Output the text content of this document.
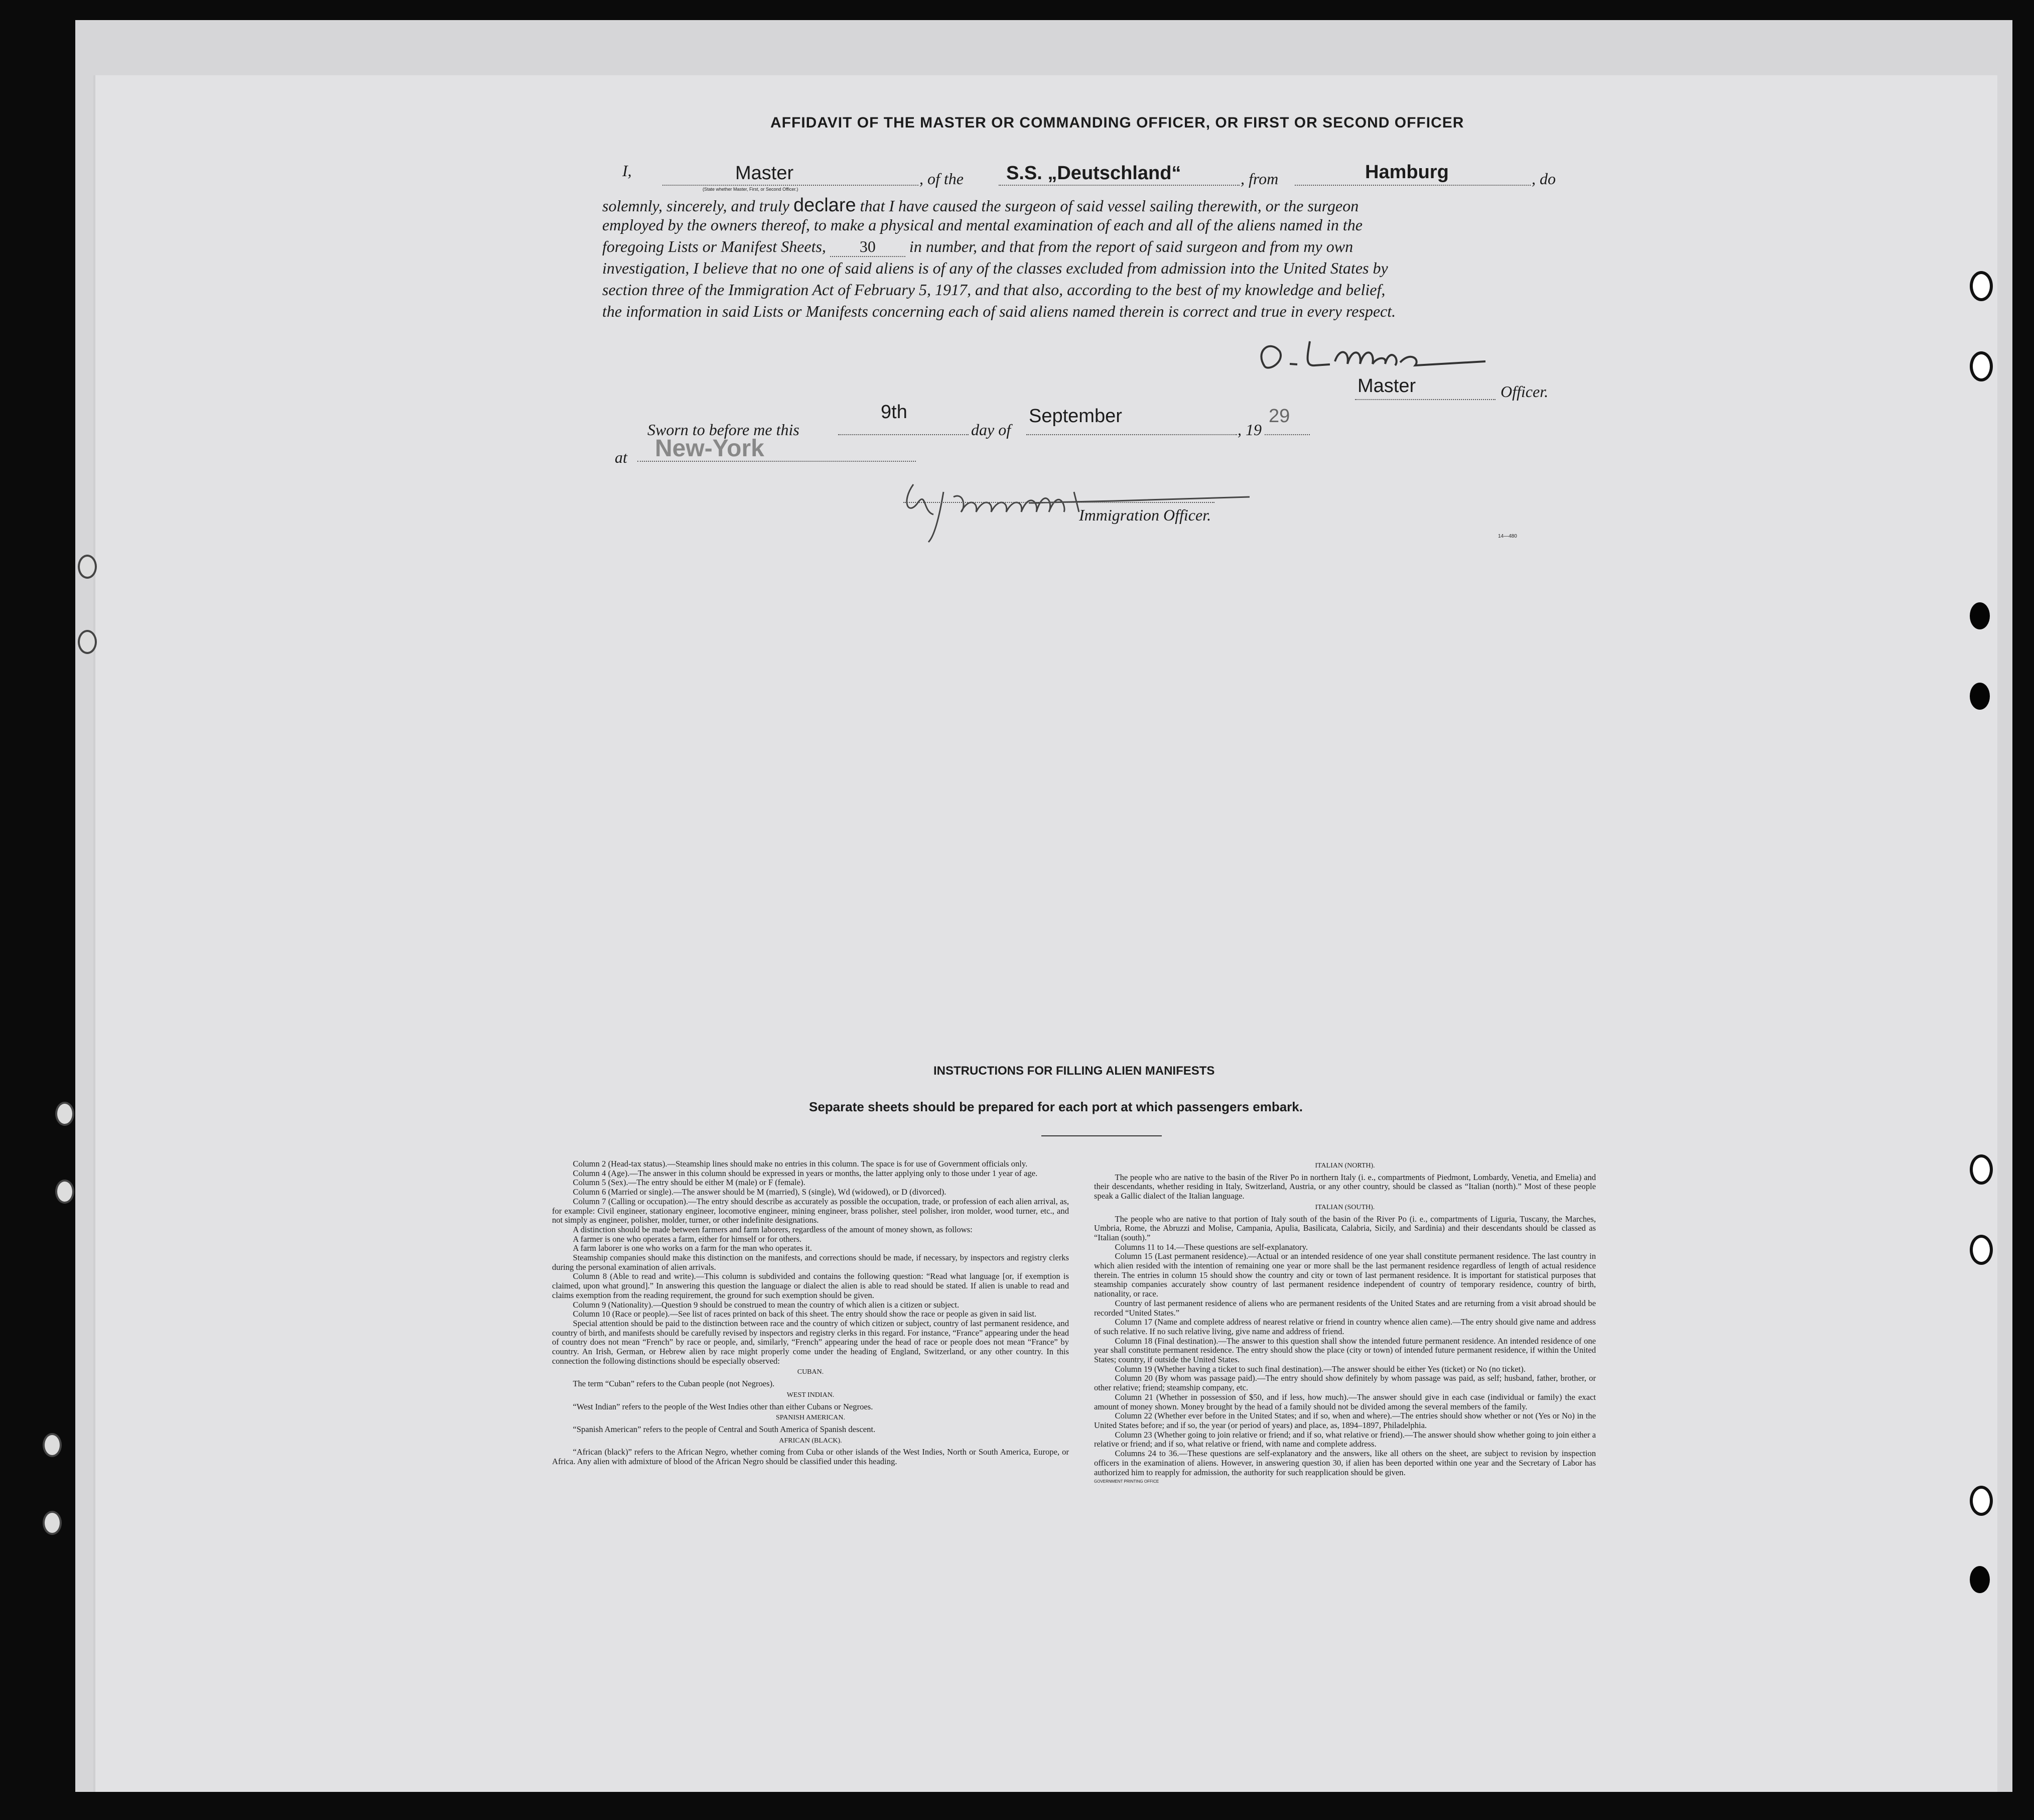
AFFIDAVIT OF THE MASTER OR COMMANDING OFFICER, OR FIRST OR SECOND OFFICER
I,	Master	, of the S.S. „Deutschland“	, from	Hamburg	, do
(State whether Master, First, or Second Officer.)
solemnly, sincerely, and truly declare that I have caused the surgeon of said vessel sailing therewith, or the surgeon
employed by the owners thereof, to make a physical and mental examination of each and all of the aliens named in the
foregoing Lists or Manifest Sheets, 30 in number, and that from the report of said surgeon and from my own
investigation, I believe that no one of said aliens is of any of the classes excluded from admission into the United States by
section three of the Immigration Act of February 5, 1917, and that also, according to the best of my knowledge and belief,
the information in said Lists or Manifests concerning each of said aliens named therein is correct and true in every respect.
Master	Officer.
Sworn to before me this
9th
day of
September
, 19
29
at New-York
Immigration Officer.
14—480
INSTRUCTIONS FOR FILLING ALIEN MANIFESTS
Separate sheets should be prepared for each port at which passengers embark.

Column 2 (Head-tax status).—Steamship lines should make no entries in this column. The space is for use of Government officials only.

Column 4 (Age).—The answer in this column should be expressed in years or months, the latter applying only to those under 1 year of age.

Column 5 (Sex).—The entry should be either M (male) or F (female).

Column 6 (Married or single).—The answer should be M (married), S (single), Wd (widowed), or D (divorced).

Column 7 (Calling or occupation).—The entry should describe as accurately as possible the occupation, trade, or profession of each alien arrival, as, for example: Civil engineer, stationary engineer, locomotive engineer, mining engineer, brass polisher, steel polisher, iron molder, wood turner, etc., and not simply as engineer, polisher, molder, turner, or other indefinite designations.

A distinction should be made between farmers and farm laborers, regardless of the amount of money shown, as follows:

A farmer is one who operates a farm, either for himself or for others.

A farm laborer is one who works on a farm for the man who operates it.

Steamship companies should make this distinction on the manifests, and corrections should be made, if necessary, by inspectors and registry clerks during the personal examination of alien arrivals.

Column 8 (Able to read and write).—This column is subdivided and contains the following question: “Read what language [or, if exemption is claimed, upon what ground].” In answering this question the language or dialect the alien is able to read should be stated. If alien is unable to read and claims exemption from the reading requirement, the ground for such exemption should be given.

Column 9 (Nationality).—Question 9 should be construed to mean the country of which alien is a citizen or subject.

Column 10 (Race or people).—See list of races printed on back of this sheet. The entry should show the race or people as given in said list.

Special attention should be paid to the distinction between race and the country of which citizen or subject, country of last permanent residence, and country of birth, and manifests should be carefully revised by inspectors and registry clerks in this regard. For instance, “France” appearing under the head of country does not mean “French” by race or people, and, similarly, “French” appearing under the head of race or people does not mean “France” by country. An Irish, German, or Hebrew alien by race might properly come under the heading of England, Switzerland, or any other country. In this connection the following distinctions should be especially observed:

CUBAN.

The term “Cuban” refers to the Cuban people (not Negroes).

WEST INDIAN.

“West Indian” refers to the people of the West Indies other than either Cubans or Negroes.

SPANISH AMERICAN.

“Spanish American” refers to the people of Central and South America of Spanish descent.

AFRICAN (BLACK).

“African (black)” refers to the African Negro, whether coming from Cuba or other islands of the West Indies, North or South America, Europe, or Africa. Any alien with admixture of blood of the African Negro should be classified under this heading.

ITALIAN (NORTH).

The people who are native to the basin of the River Po in northern Italy (i. e., compartments of Piedmont, Lombardy, Venetia, and Emelia) and their descendants, whether residing in Italy, Switzerland, Austria, or any other country, should be classed as “Italian (north).” Most of these people speak a Gallic dialect of the Italian language.

ITALIAN (SOUTH).

The people who are native to that portion of Italy south of the basin of the River Po (i. e., compartments of Liguria, Tuscany, the Marches, Umbria, Rome, the Abruzzi and Molise, Campania, Apulia, Basilicata, Calabria, Sicily, and Sardinia) and their descendants should be classed as “Italian (south).”

Columns 11 to 14.—These questions are self-explanatory.

Column 15 (Last permanent residence).—Actual or an intended residence of one year shall constitute permanent residence. The last country in which alien resided with the intention of remaining one year or more shall be the last permanent residence regardless of length of actual residence therein. The entries in column 15 should show the country and city or town of last permanent residence. It is important for statistical purposes that steamship companies accurately show country of last permanent residence independent of country of temporary residence, country of birth, nationality, or race.

Country of last permanent residence of aliens who are permanent residents of the United States and are returning from a visit abroad should be recorded “United States.”

Column 17 (Name and complete address of nearest relative or friend in country whence alien came).—The entry should give name and address of such relative. If no such relative living, give name and address of friend.

Column 18 (Final destination).—The answer to this question shall show the intended future permanent residence. An intended residence of one year shall constitute permanent residence. The entry should show the place (city or town) of intended future permanent residence, if within the United States; country, if outside the United States.

Column 19 (Whether having a ticket to such final destination).—The answer should be either Yes (ticket) or No (no ticket).

Column 20 (By whom was passage paid).—The entry should show definitely by whom passage was paid, as self; husband, father, brother, or other relative; friend; steamship company, etc.

Column 21 (Whether in possession of $50, and if less, how much).—The answer should give in each case (individual or family) the exact amount of money shown. Money brought by the head of a family should not be divided among the several members of the family.

Column 22 (Whether ever before in the United States; and if so, when and where).—The entries should show whether or not (Yes or No) in the United States before; and if so, the year (or period of years) and place, as, 1894–1897, Philadelphia.

Column 23 (Whether going to join relative or friend; and if so, what relative or friend).—The answer should show whether going to join either a relative or friend; and if so, what relative or friend, with name and complete address.

Columns 24 to 36.—These questions are self-explanatory and the answers, like all others on the sheet, are subject to revision by inspection officers in the examination of aliens. However, in answering question 30, if alien has been deported within one year and the Secretary of Labor has authorized him to reapply for admission, the authority for such reapplication should be given.

GOVERNMENT PRINTING OFFICE
